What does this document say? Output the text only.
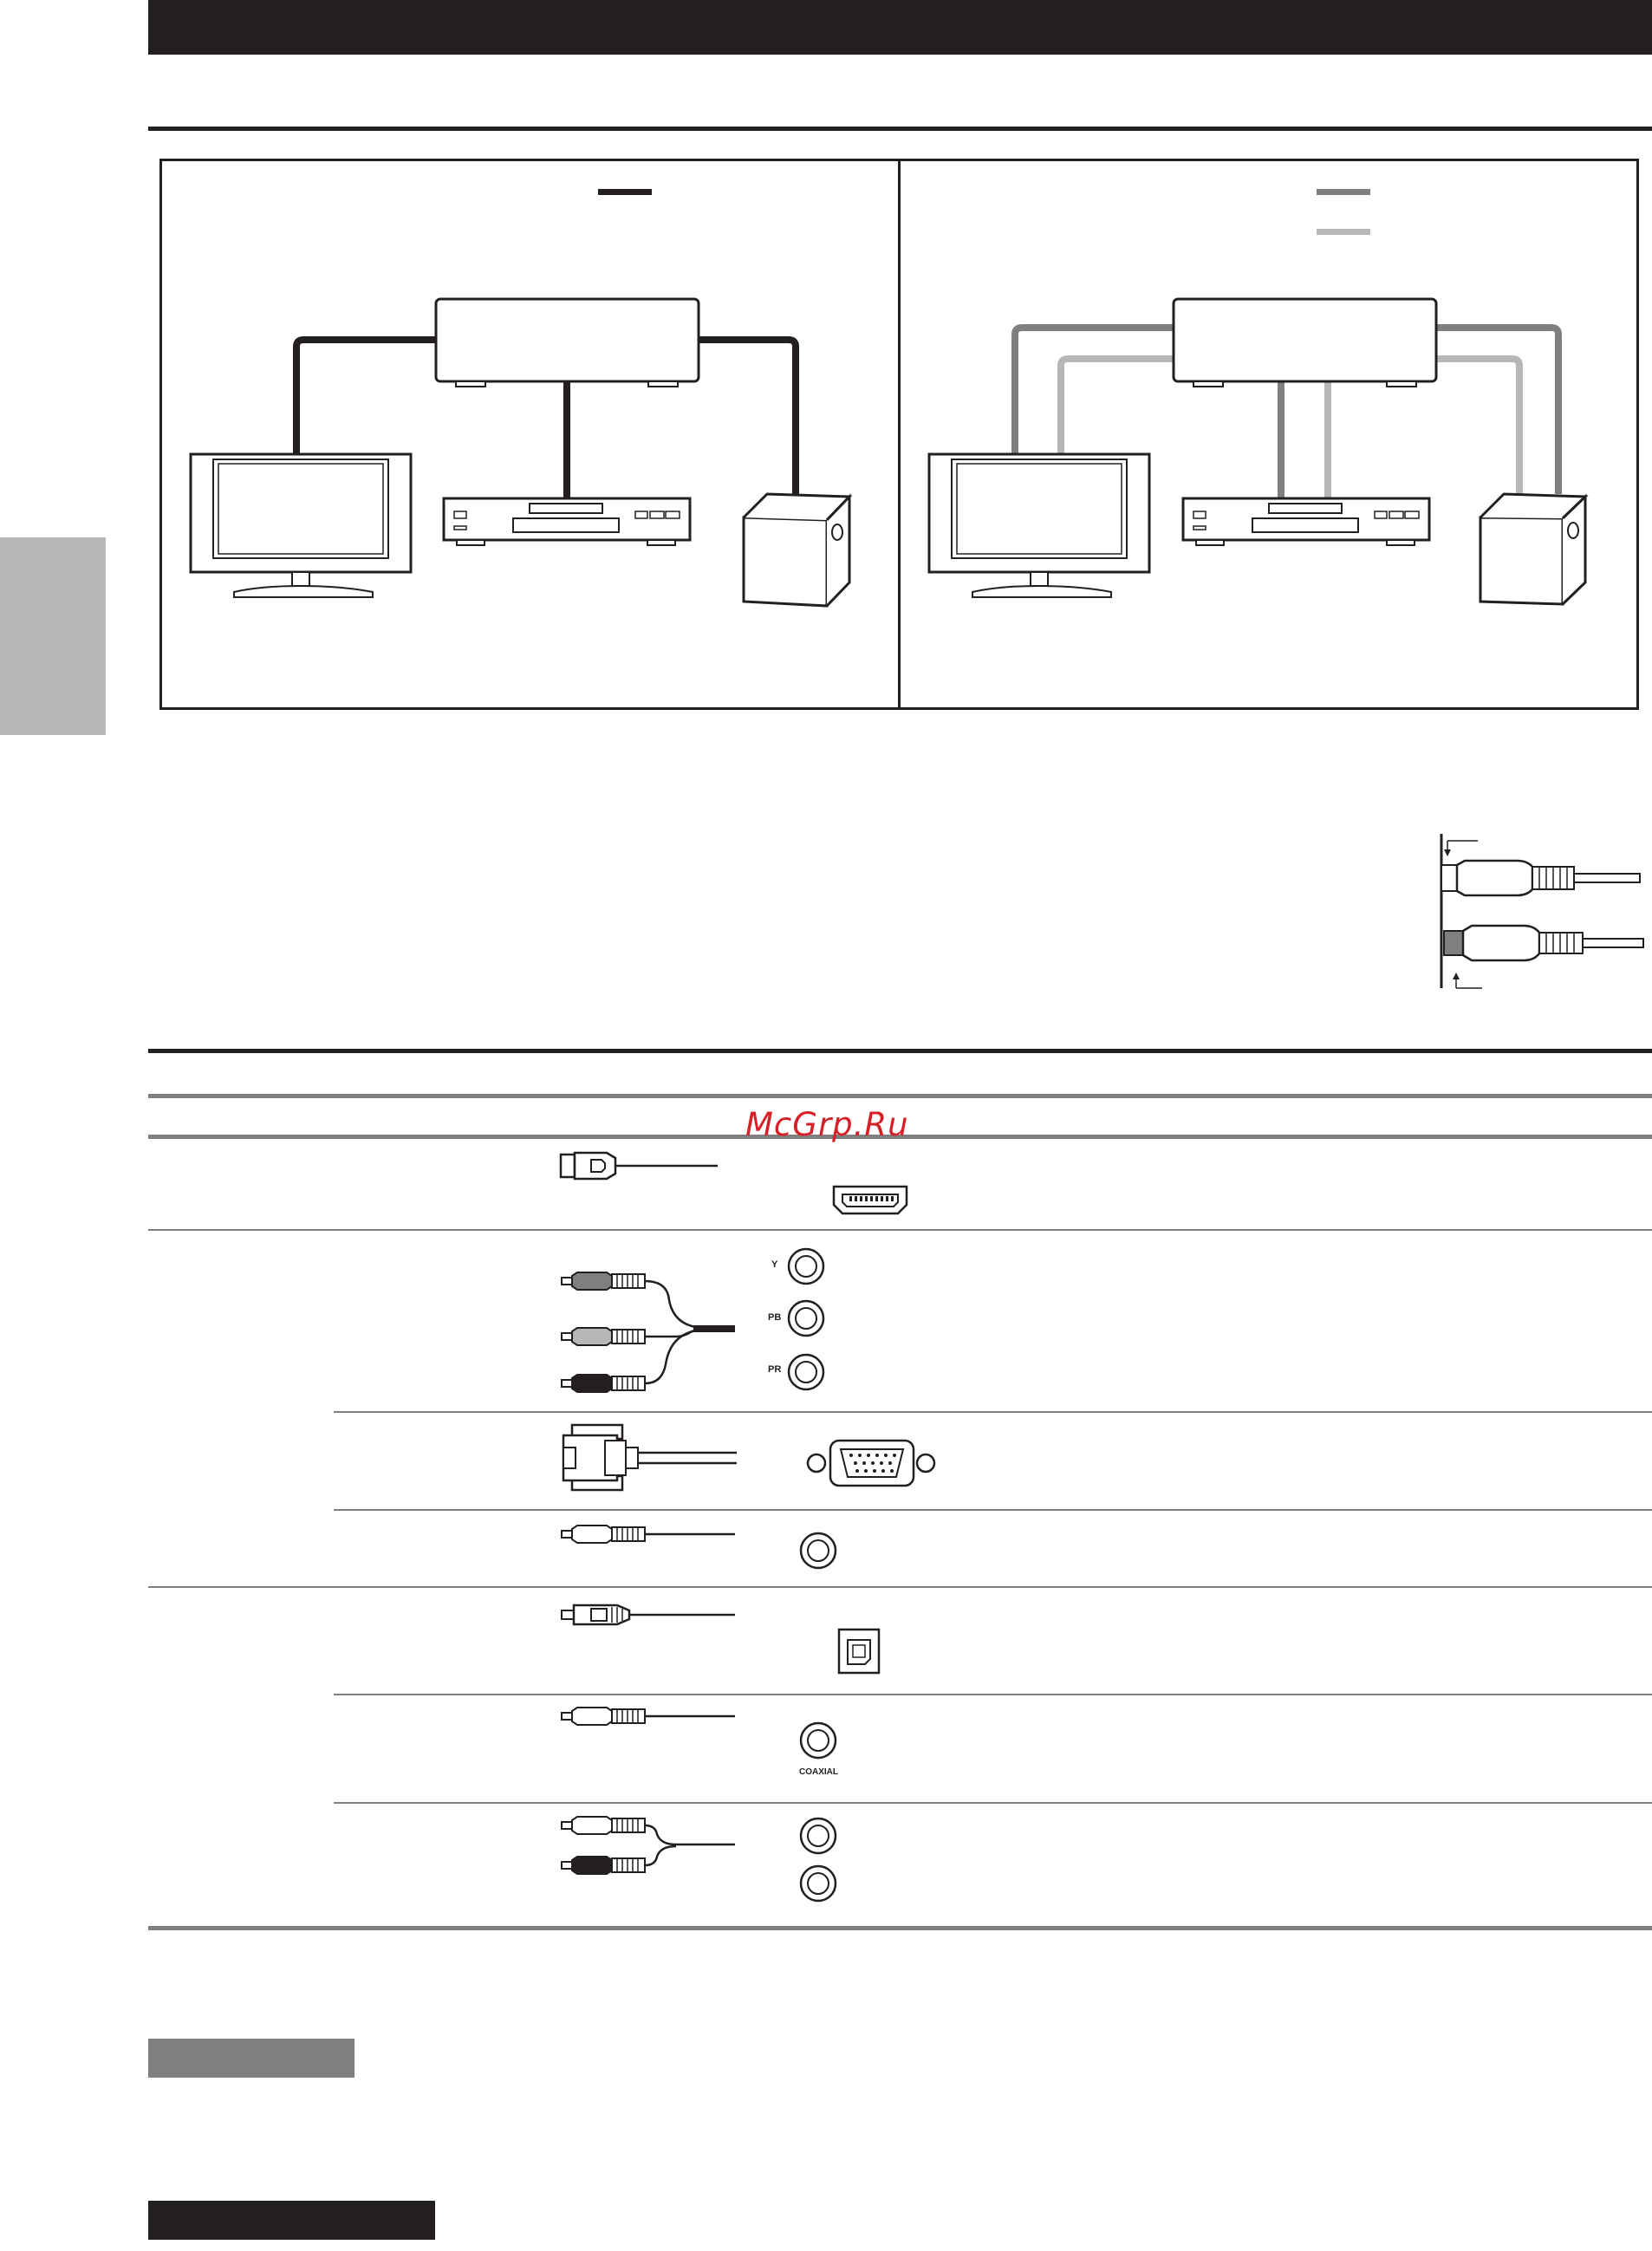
McGrp.Ru
Y
PB
PR
COAXIAL
